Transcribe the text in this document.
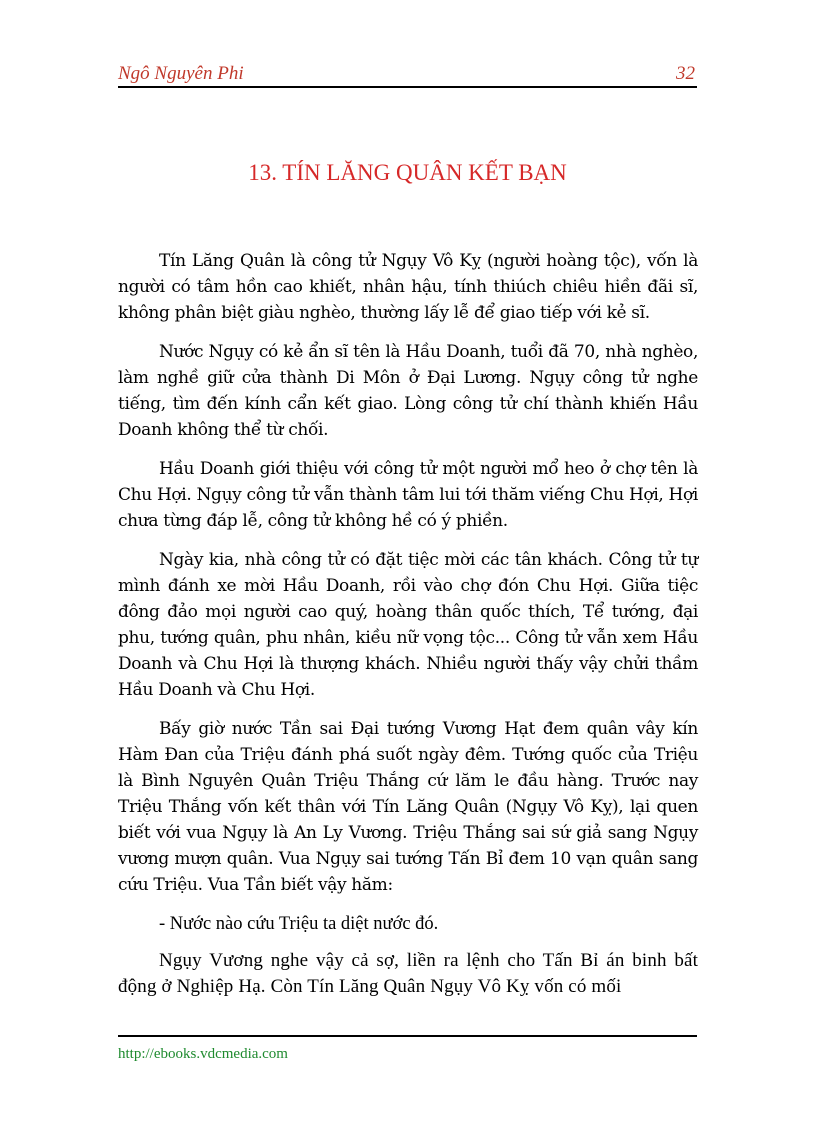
Ngô Nguyên Phi	32
13. TÍN LĂNG QUÂN KẾT BẠN

Tín Lăng Quân là công tử Ngụy Vô Kỵ (người hoàng tộc), vốn là người có tâm hồn cao khiết, nhân hậu, tính thiúch chiêu hiền đãi sĩ, không phân biệt giàu nghèo, thường lấy lễ để giao tiếp với kẻ sĩ.

Nước Ngụy có kẻ ẩn sĩ tên là Hầu Doanh, tuổi đã 70, nhà nghèo, làm nghề giữ cửa thành Di Môn ở Đại Lương. Ngụy công tử nghe tiếng, tìm đến kính cẩn kết giao. Lòng công tử chí thành khiến Hầu Doanh không thể từ chối.

Hầu Doanh giới thiệu với công tử một người mổ heo ở chợ tên là Chu Hợi. Ngụy công tử vẫn thành tâm lui tới thăm viếng Chu Hợi, Hợi chưa từng đáp lễ, công tử không hề có ý phiền.

Ngày kia, nhà công tử có đặt tiệc mời các tân khách. Công tử tự mình đánh xe mời Hầu Doanh, rồi vào chợ đón Chu Hợi. Giữa tiệc đông đảo mọi người cao quý, hoàng thân quốc thích, Tể tướng, đại phu, tướng quân, phu nhân, kiều nữ vọng tộc... Công tử vẫn xem Hầu Doanh và Chu Hợi là thượng khách. Nhiều người thấy vậy chửi thầm Hầu Doanh và Chu Hợi.

Bấy giờ nước Tần sai Đại tướng Vương Hạt đem quân vây kín Hàm Đan của Triệu đánh phá suốt ngày đêm. Tướng quốc của Triệu là Bình Nguyên Quân Triệu Thắng cứ lăm le đầu hàng. Trước nay Triệu Thắng vốn kết thân với Tín Lăng Quân (Ngụy Vô Kỵ), lại quen biết với vua Ngụy là An Ly Vương. Triệu Thắng sai sứ giả sang Ngụy vương mượn quân. Vua Ngụy sai tướng Tấn Bỉ đem 10 vạn quân sang cứu Triệu. Vua Tần biết vậy hăm:

- Nước nào cứu Triệu ta diệt nước đó.

Ngụy Vương nghe vậy cả sợ, liền ra lệnh cho Tấn Bỉ án binh bất động ở Nghiệp Hạ. Còn Tín Lăng Quân Ngụy Vô Kỵ vốn có mối

http://ebooks.vdcmedia.com
